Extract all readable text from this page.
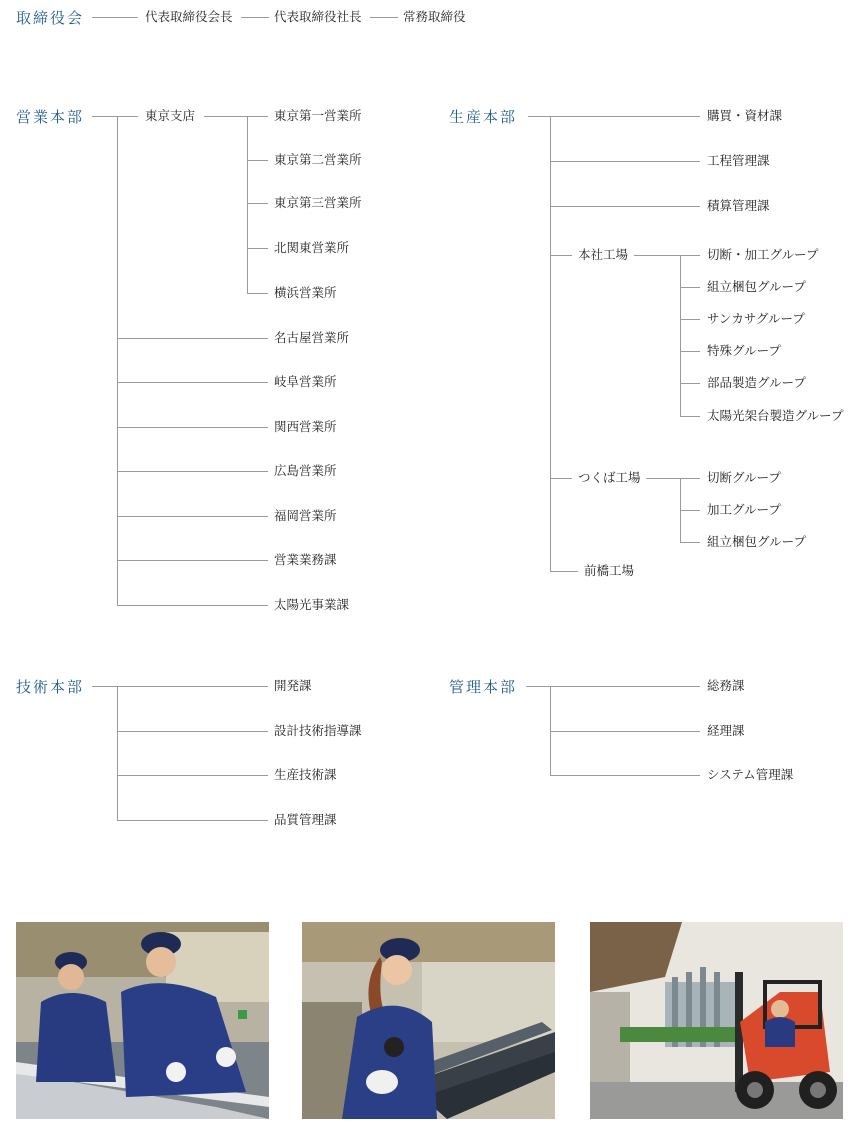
取締役会	代表取締役会長	代表取締役社長	常務取締役
営業本部	東京支店	東京第一営業所
東京第二営業所
東京第三営業所
北関東営業所
横浜営業所
名古屋営業所
岐阜営業所
関西営業所
広島営業所
福岡営業所
営業業務課
太陽光事業課
生産本部	購買・資材課
工程管理課
積算管理課
本社工場	切断・加工グループ
組立梱包グループ
サンカサグループ
特殊グループ
部品製造グループ
太陽光架台製造グループ
つくば工場	切断グループ
加工グループ
組立梱包グループ
前橋工場
技術本部	開発課
設計技術指導課
生産技術課
品質管理課
管理本部	総務課
経理課
システム管理課
